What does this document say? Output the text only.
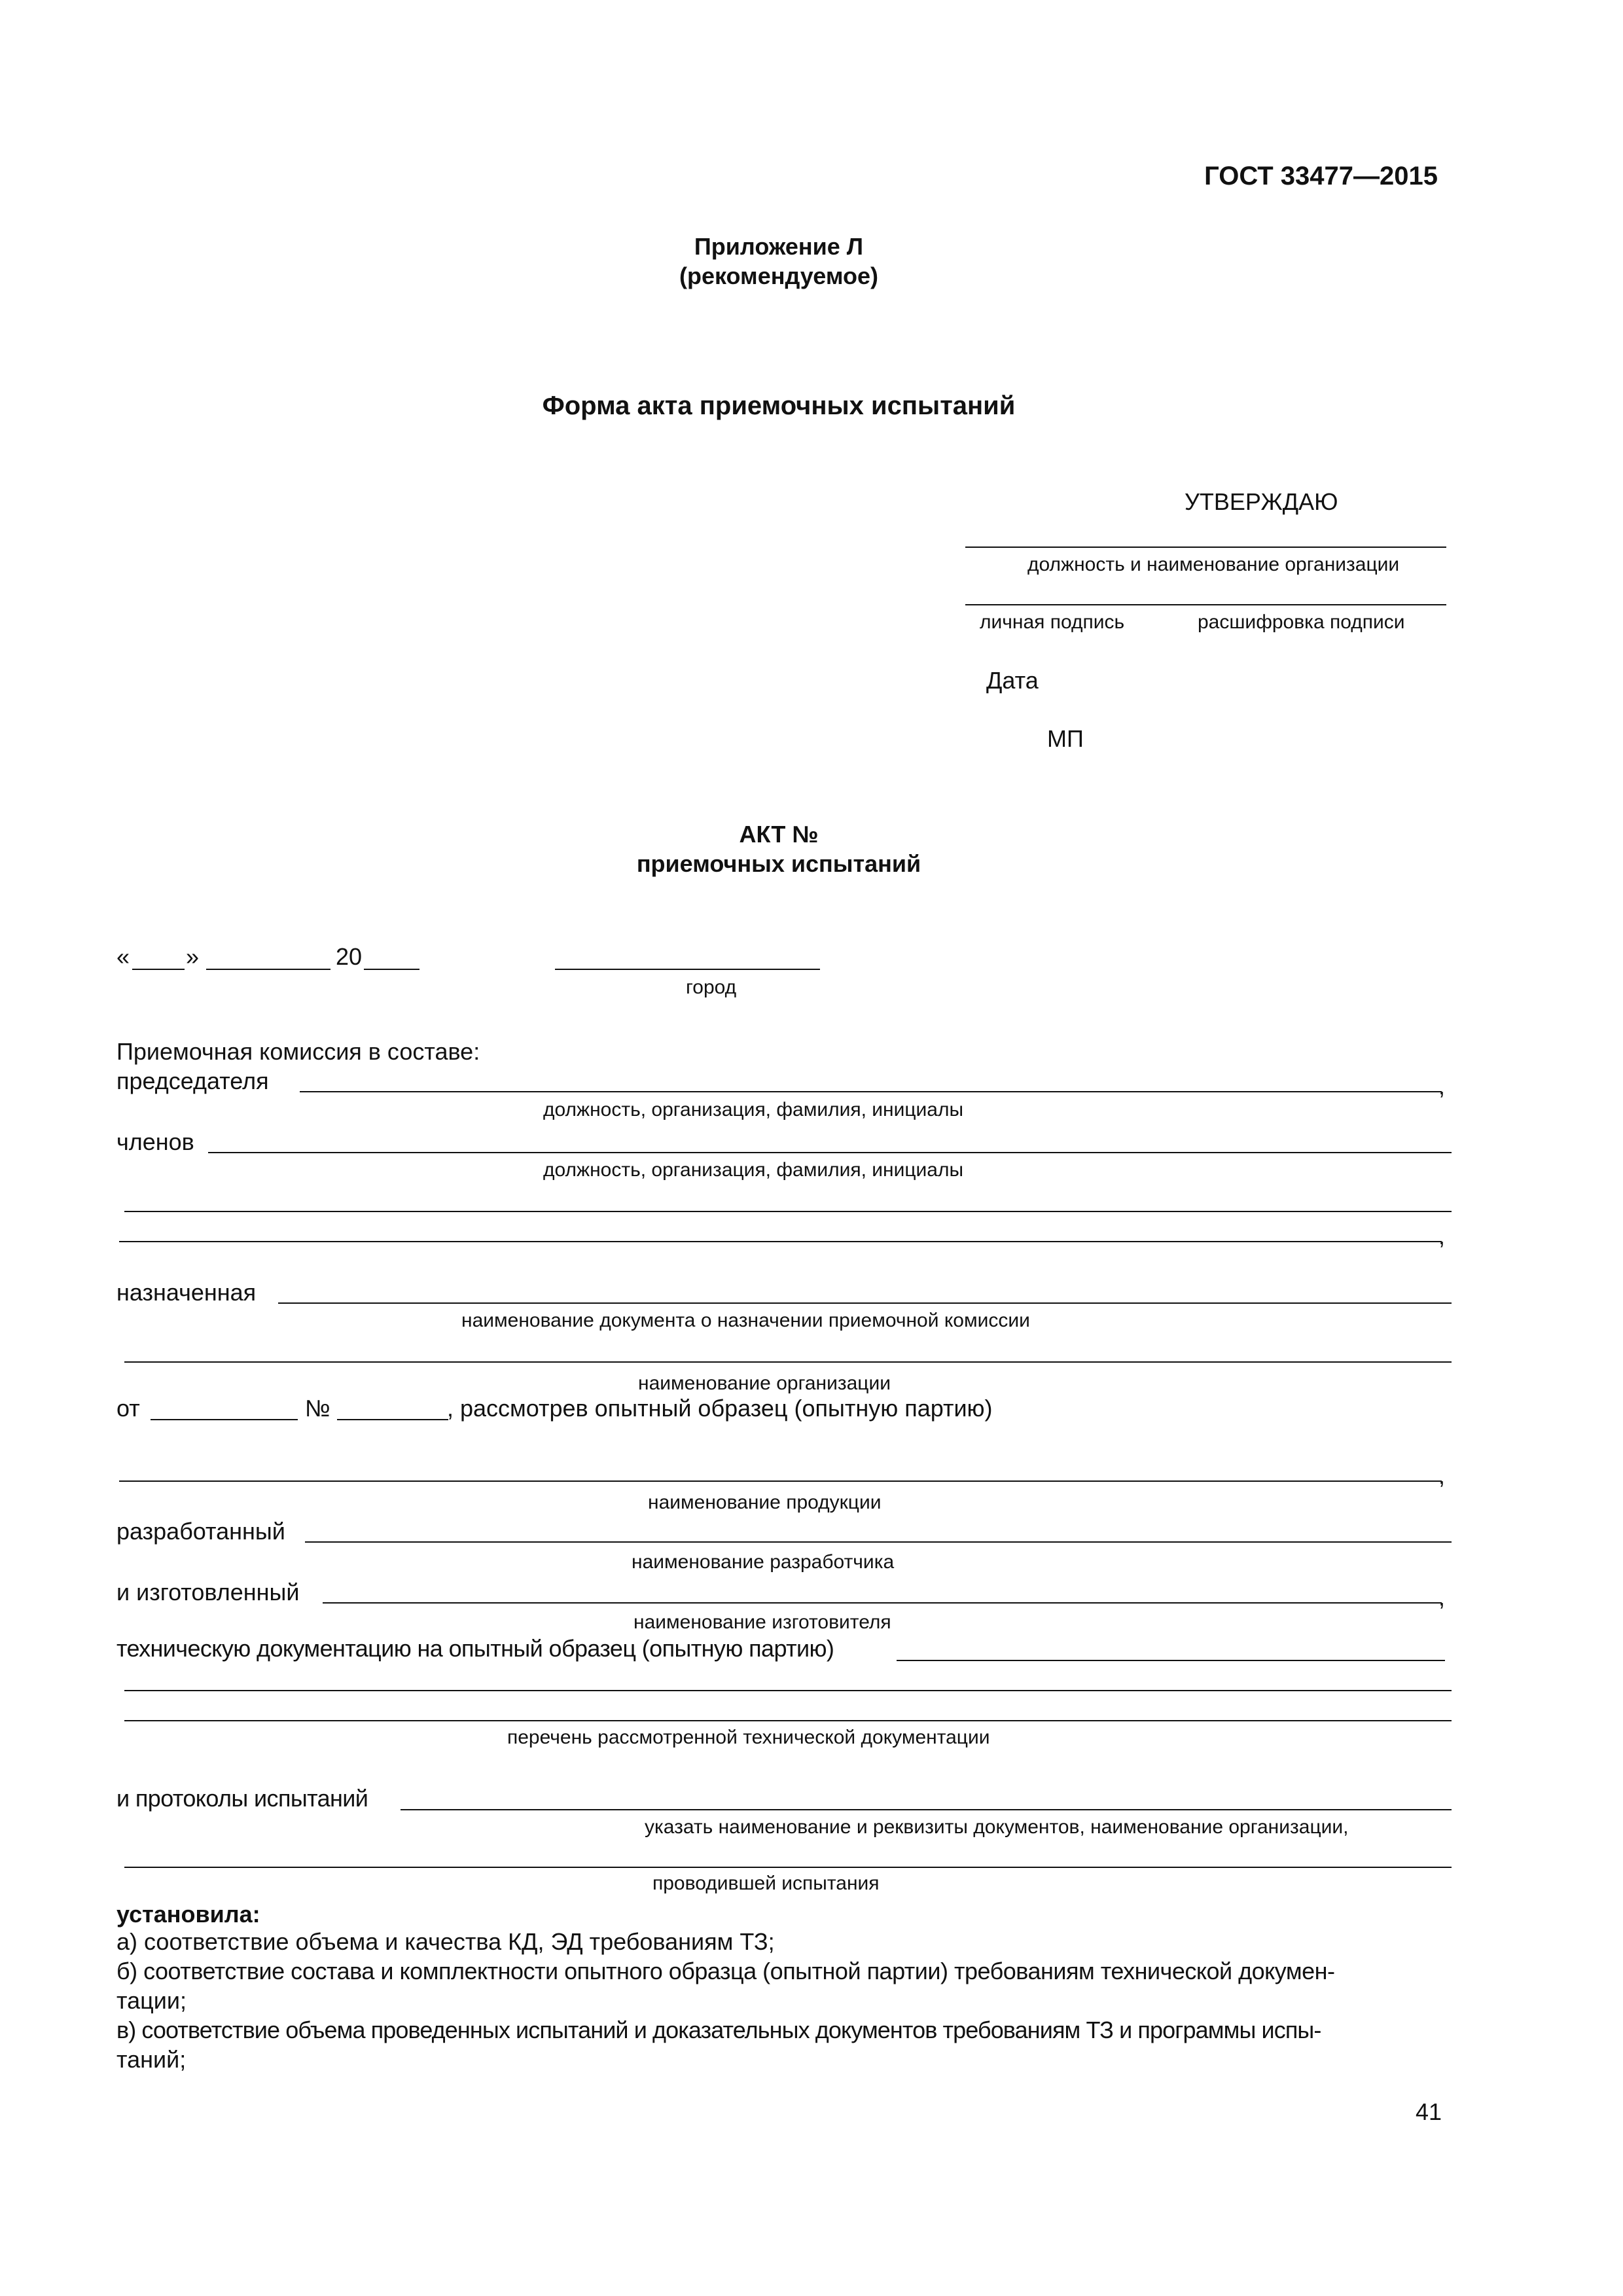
ГОСТ 33477—2015
Приложение Л
(рекомендуемое)
Форма акта приемочных испытаний
УТВЕРЖДАЮ
должность и наименование организации
личная подпись	расшифровка подписи
Дата
МП
АКТ №
приемочных испытаний
« »	20
город
Приемочная комиссия в составе:
председателя	,
должность, организация, фамилия, инициалы
членов
должность, организация, фамилия, инициалы
,
назначенная
наименование документа о назначении приемочной комиссии
наименование организации
от	№	, рассмотрев опытный образец (опытную партию)
,
наименование продукции
разработанный
наименование разработчика
и изготовленный	,
наименование изготовителя
техническую документацию на опытный образец (опытную партию)
перечень рассмотренной технической документации
и протоколы испытаний
указать наименование и реквизиты документов, наименование организации,
проводившей испытания
установила:
а) соответствие объема и качества КД, ЭД требованиям ТЗ;
б) соответствие состава и комплектности опытного образца (опытной партии) требованиям технической докумен-
тации;
в) соответствие объема проведенных испытаний и доказательных документов требованиям ТЗ и программы испы-
таний;
41
